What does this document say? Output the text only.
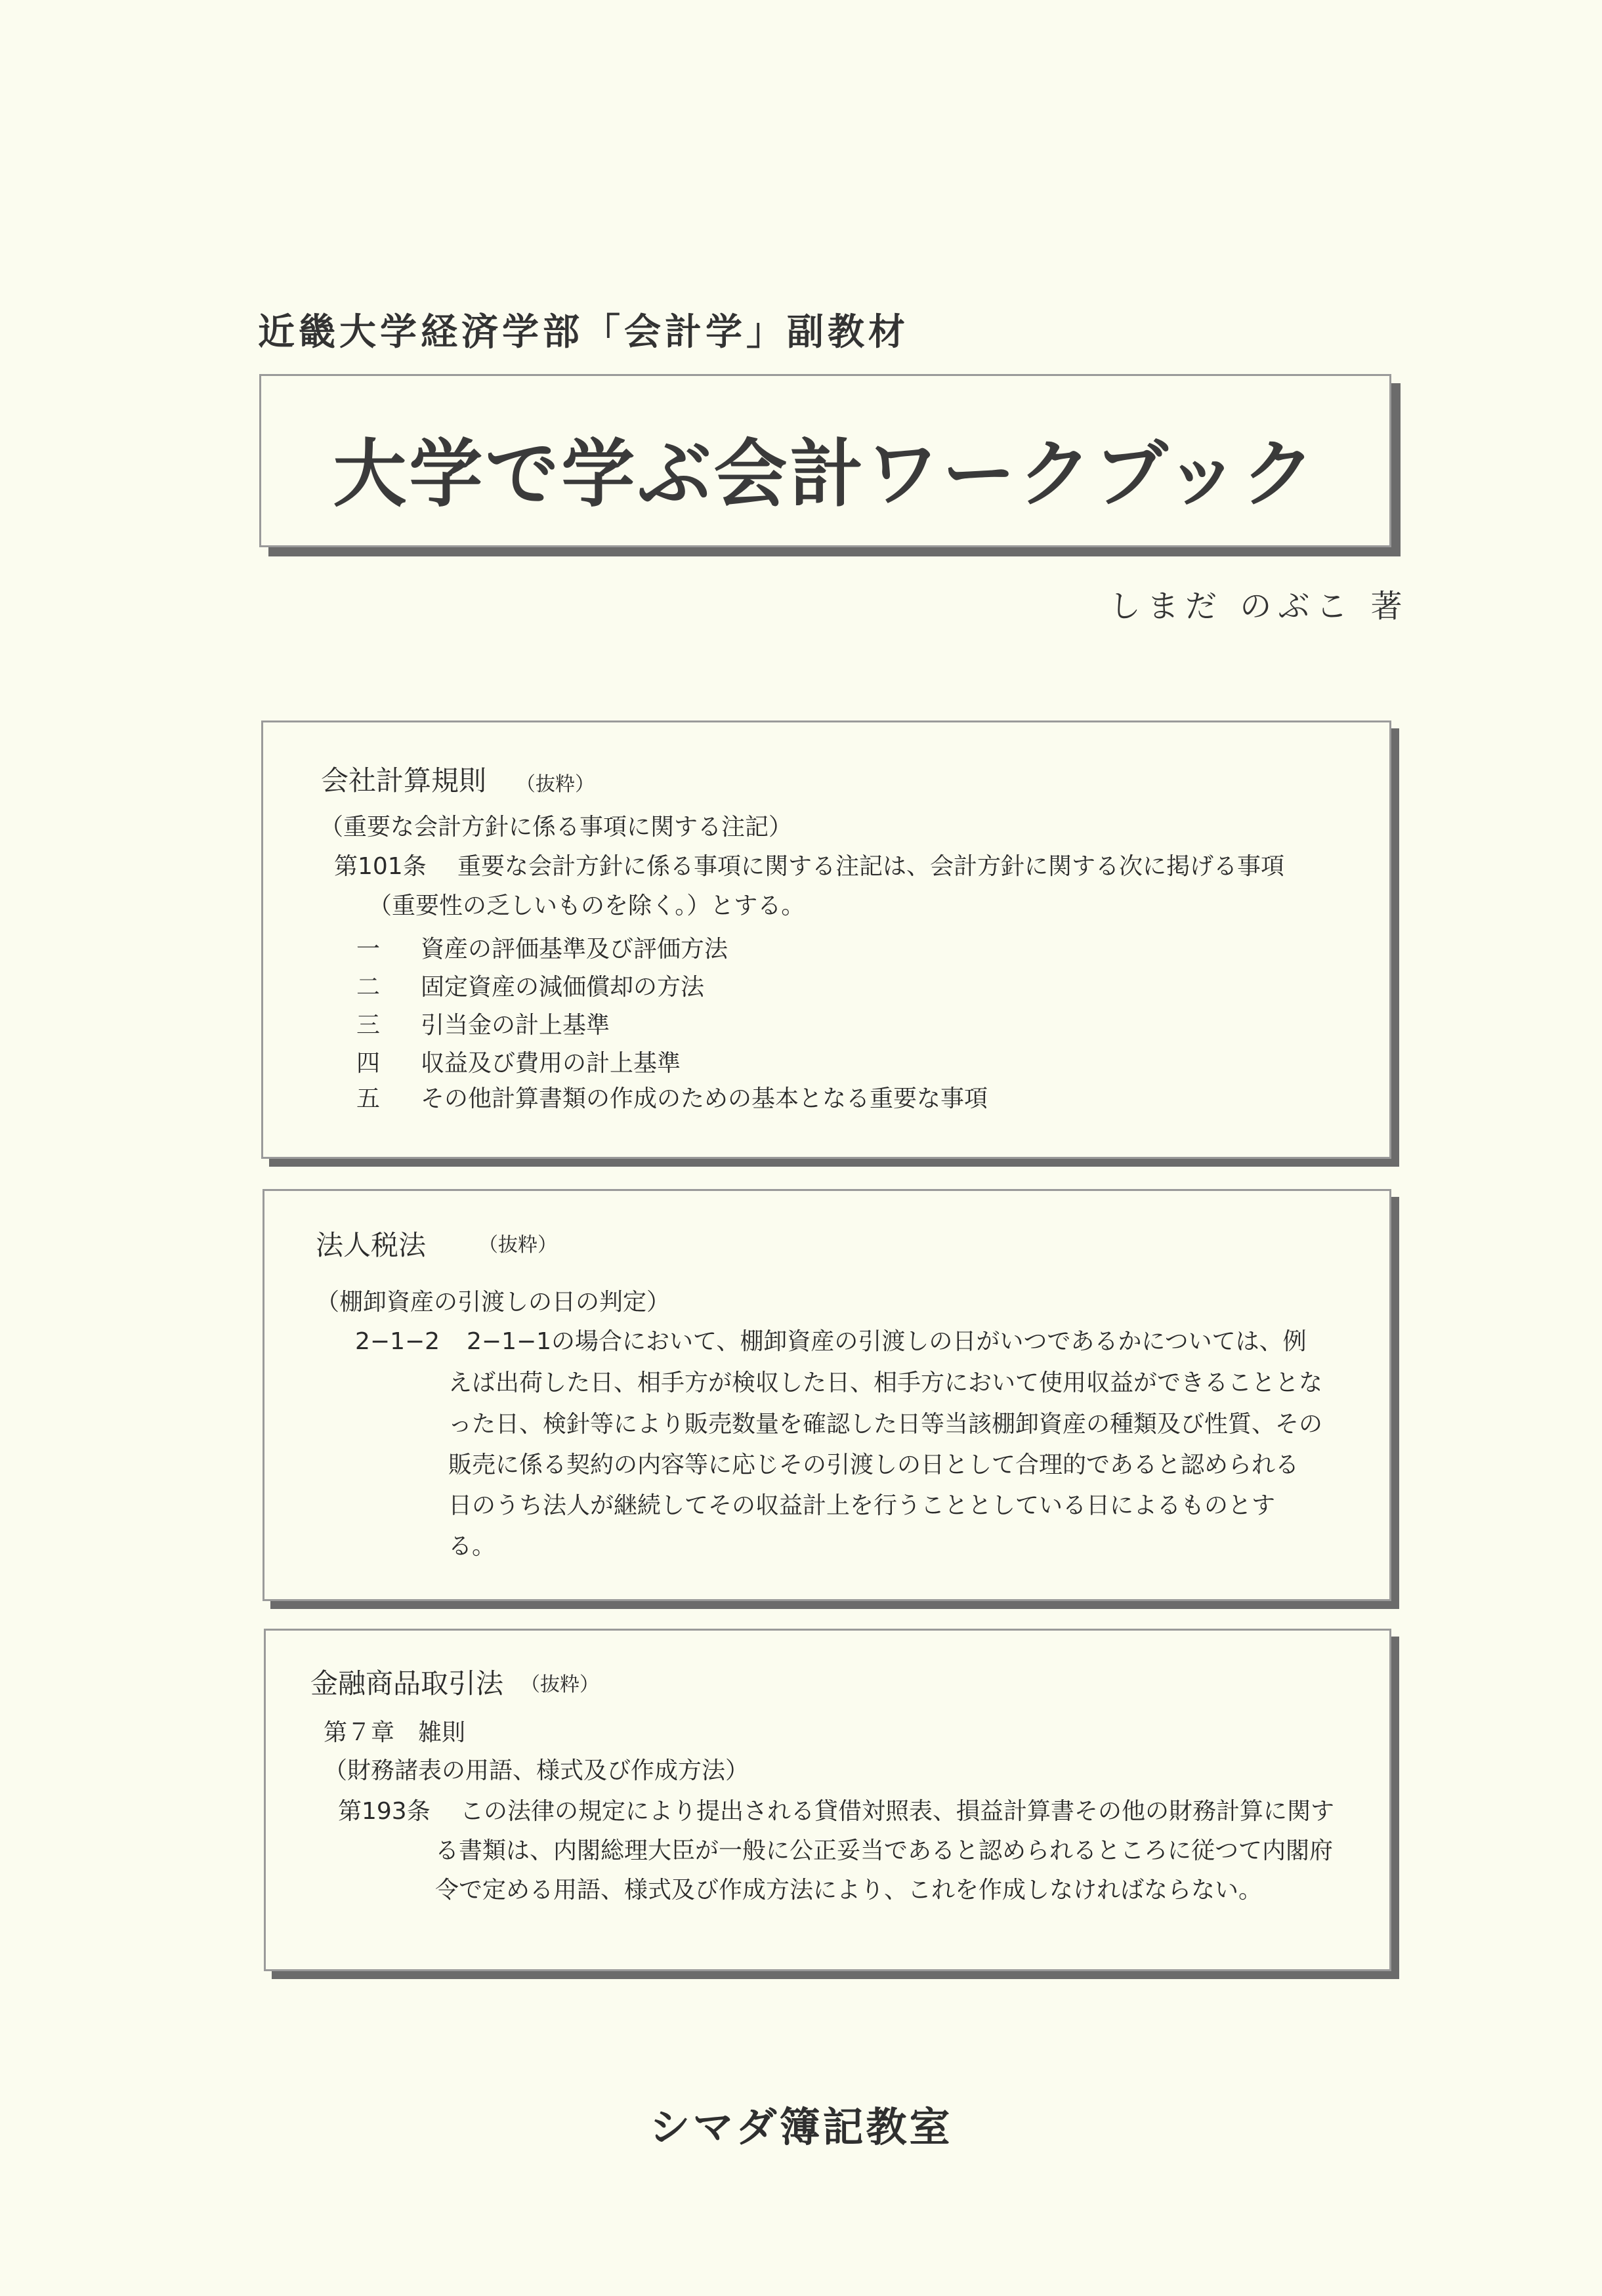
近畿大学経済学部「会計学」副教材
大学で学ぶ会計ワークブック
しまだ のぶこ 著
会社計算規則 （抜粋）
（重要な会計方針に係る事項に関する注記）
第101条 重要な会計方針に係る事項に関する注記は、会計方針に関する次に掲げる事項
（重要性の乏しいものを除く。）とする。
一 資産の評価基準及び評価方法
二 固定資産の減価償却の方法
三 引当金の計上基準
四 収益及び費用の計上基準
五 その他計算書類の作成のための基本となる重要な事項
法人税法	（抜粋）
（棚卸資産の引渡しの日の判定）
2−1−2 2−1−1の場合において、棚卸資産の引渡しの日がいつであるかについては、例
えば出荷した日、相手方が検収した日、相手方において使用収益ができることとな
った日、検針等により販売数量を確認した日等当該棚卸資産の種類及び性質、その
販売に係る契約の内容等に応じその引渡しの日として合理的であると認められる
日のうち法人が継続してその収益計上を行うこととしている日によるものとす
る。
金融商品取引法 （抜粋）
第７章　雑則
（財務諸表の用語、様式及び作成方法）
第193条 この法律の規定により提出される貸借対照表、損益計算書その他の財務計算に関す
る書類は、内閣総理大臣が一般に公正妥当であると認められるところに従つて内閣府
令で定める用語、様式及び作成方法により、これを作成しなければならない。
シマダ簿記教室
